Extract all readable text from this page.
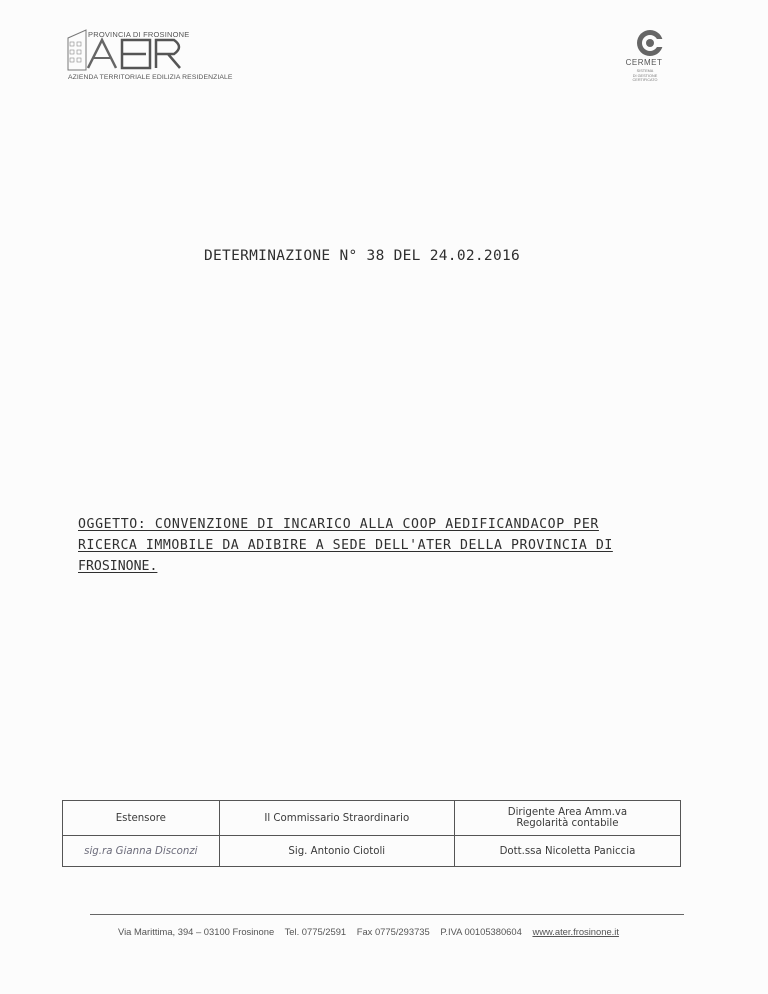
PROVINCIA DI FROSINONE
AZIENDA TERRITORIALE EDILIZIA RESIDENZIALE
CERMET
SISTEMA
DI GESTIONE
CERTIFICATO
DETERMINAZIONE N° 38 DEL 24.02.2016
OGGETTO: CONVENZIONE DI INCARICO ALLA COOP AEDIFICANDACOP PER
RICERCA IMMOBILE DA ADIBIRE A SEDE DELL'ATER DELLA PROVINCIA DI
FROSINONE.
Estensore	Il Commissario Straordinario	Dirigente Area Amm.va
Regolarità contabile

sig.ra Gianna Disconzi	Sig. Antonio Ciotoli	Dott.ssa Nicoletta Paniccia
Via Marittima, 394 – 03100 Frosinone Tel. 0775/2591 Fax 0775/293735 P.IVA 00105380604 www.ater.frosinone.it
